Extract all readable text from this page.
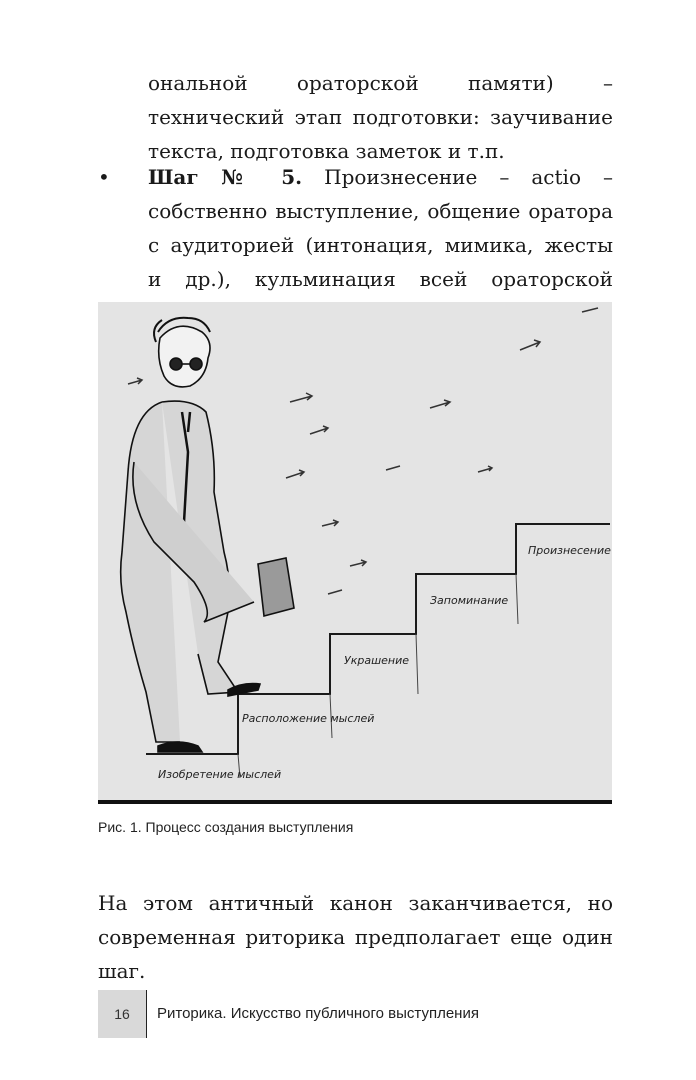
ональной ораторской памяти) – технический этап подготовки: заучивание текста, подготовка заметок и т.п.

• Шаг № 5. Произнесение – actio – собственно выступление, общение оратора с аудиторией (интонация, мимика, жесты и др.), кульминация всей ораторской

Изобретение мыслей
Расположение мыслей
Украшение
Запоминание
Произнесение
Рис. 1. Процесс создания выступления

На этом античный канон заканчивается, но современная риторика предполагает еще один шаг.

16	Риторика. Искусство публичного выступления
